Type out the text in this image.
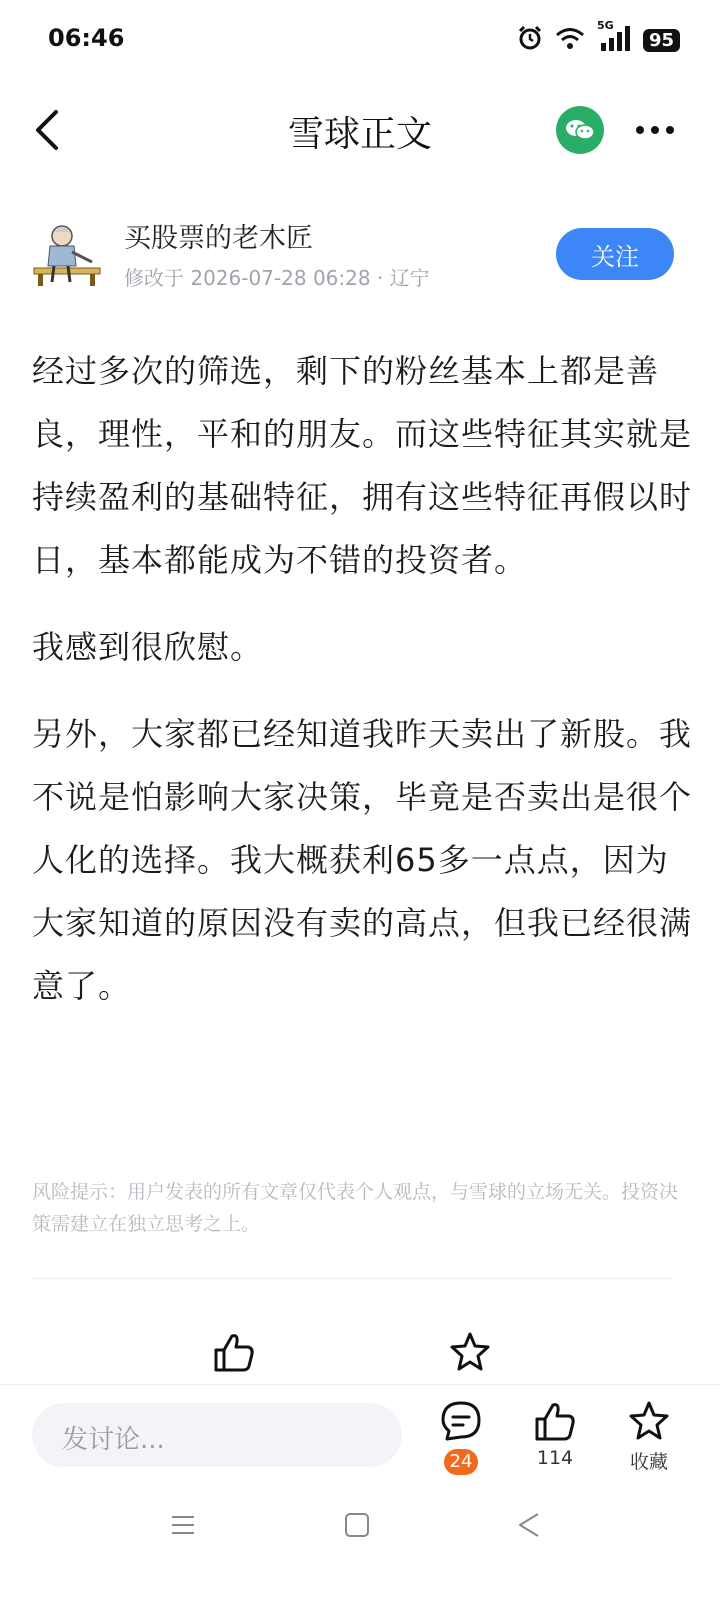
06:46	5G
95
雪球正文
买股票的老木匠
修改于 2026-07-28 06:28 · 辽宁
关注

经过多次的筛选，剩下的粉丝基本上都是善良，理性，平和的朋友。而这些特征其实就是持续盈利的基础特征，拥有这些特征再假以时日，基本都能成为不错的投资者。

我感到很欣慰。

另外，大家都已经知道我昨天卖出了新股。我不说是怕影响大家决策，毕竟是否卖出是很个人化的选择。我大概获利65多一点点，因为大家知道的原因没有卖的高点，但我已经很满意了。

风险提示：用户发表的所有文章仅代表个人观点，与雪球的立场无关。投资决策需建立在独立思考之上。
发讨论...
24	114	收藏
